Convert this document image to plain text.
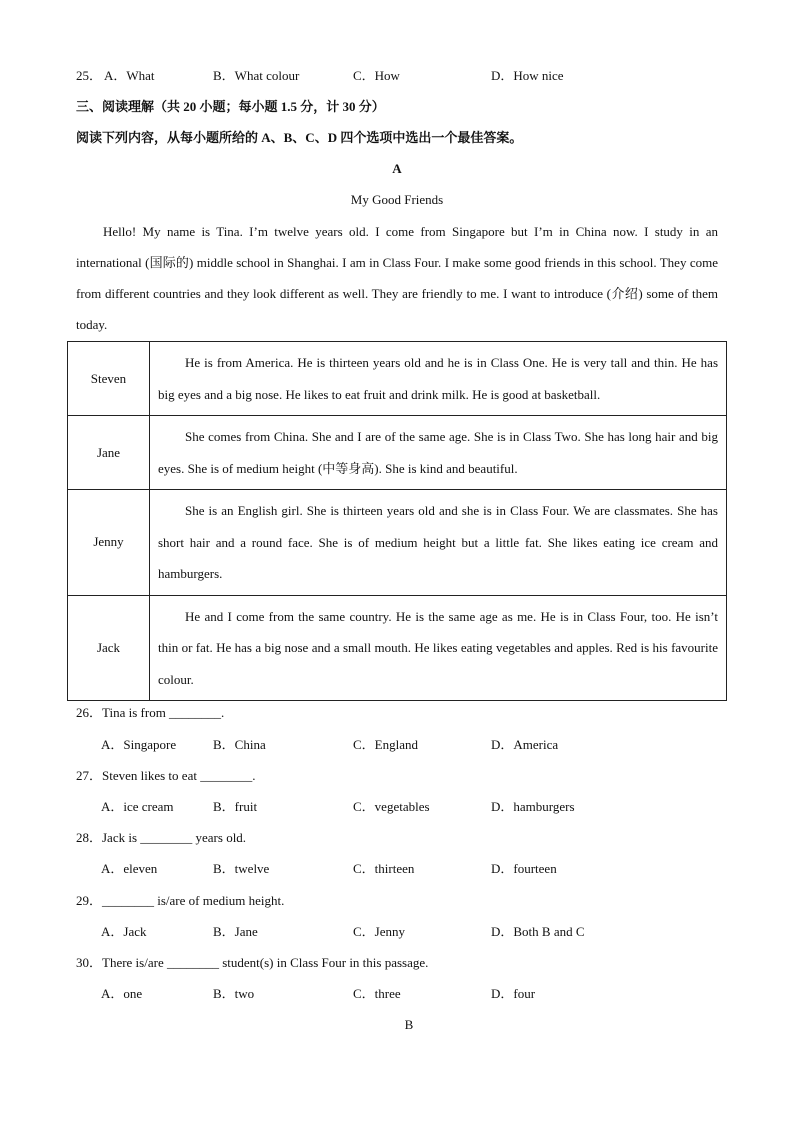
25． A．What	B．What colour	C．How	D．How nice
三、阅读理解（共 20 小题；每小题 1.5 分，计 30 分）
阅读下列内容，从每小题所给的 A、B、C、D 四个选项中选出一个最佳答案。
A
My Good Friends
Hello! My name is Tina. I’m twelve years old. I come from Singapore but I’m in China now. I study in an international (国际的) middle school in Shanghai. I am in Class Four. I make some good friends in this school. They come from different countries and they look different as well. They are friendly to me. I want to introduce (介绍) some of them today.
Steven	He is from America. He is thirteen years old and he is in Class One. He is very tall and thin. He has big eyes and a big nose. He likes to eat fruit and drink milk. He is good at basketball.

Jane	She comes from China. She and I are of the same age. She is in Class Two. She has long hair and big eyes. She is of medium height (中等身高). She is kind and beautiful.

Jenny	She is an English girl. She is thirteen years old and she is in Class Four. We are classmates. She has short hair and a round face. She is of medium height but a little fat. She likes eating ice cream and hamburgers.

Jack	He and I come from the same country. He is the same age as me. He is in Class Four, too. He isn’t thin or fat. He has a big nose and a small mouth. He likes eating vegetables and apples. Red is his favourite colour.
26．Tina is from ________.
A．Singapore	B．China	C．England	D．America
27．Steven likes to eat ________.
A．ice cream	B．fruit	C．vegetables	D．hamburgers
28．Jack is ________ years old.
A．eleven	B．twelve	C．thirteen	D．fourteen
29．________ is/are of medium height.
A．Jack	B．Jane	C．Jenny	D．Both B and C
30．There is/are ________ student(s) in Class Four in this passage.
A．one	B．two	C．three	D．four
B
